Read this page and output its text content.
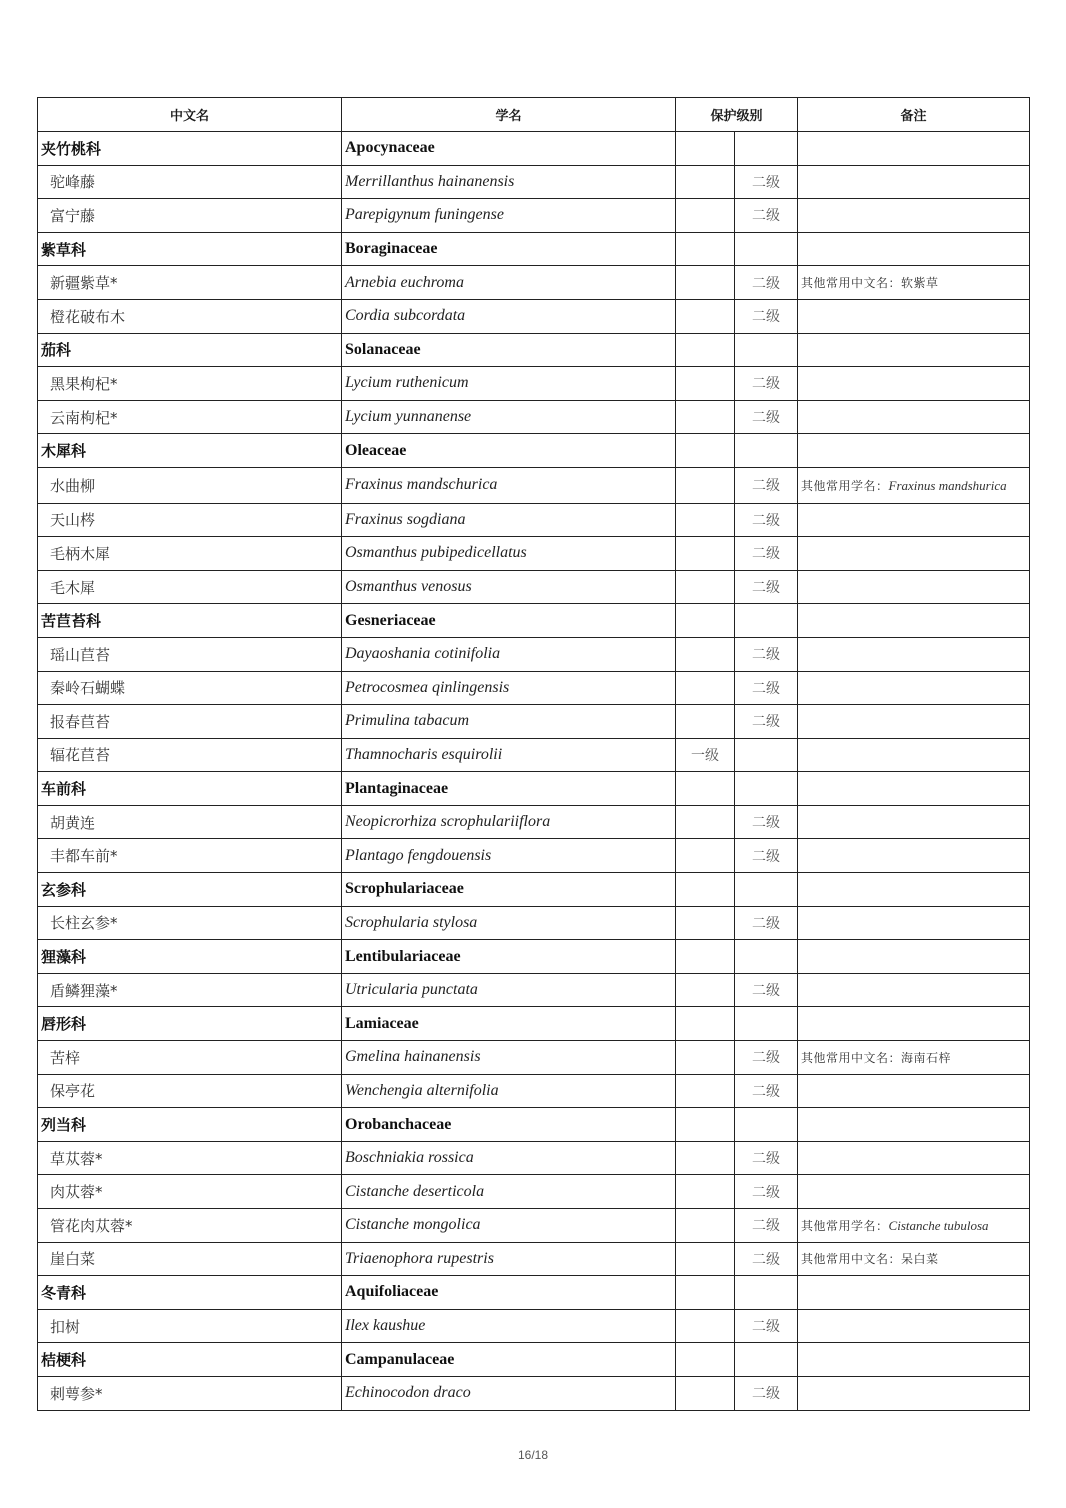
中文名	学名	保护级别		备注
夹竹桃科	Apocynaceae			
驼峰藤	Merrillanthus hainanensis		二级	
富宁藤	Parepigynum funingense		二级	
紫草科	Boraginaceae			
新疆紫草*	Arnebia euchroma		二级	其他常用中文名：软紫草
橙花破布木	Cordia subcordata		二级	
茄科	Solanaceae			
黑果枸杞*	Lycium ruthenicum		二级	
云南枸杞*	Lycium yunnanense		二级	
木犀科	Oleaceae			
水曲柳	Fraxinus mandschurica		二级	其他常用学名：Fraxinus mandshurica
天山梣	Fraxinus sogdiana		二级	
毛柄木犀	Osmanthus pubipedicellatus		二级	
毛木犀	Osmanthus venosus		二级	
苦苣苔科	Gesneriaceae			
瑶山苣苔	Dayaoshania cotinifolia		二级	
秦岭石蝴蝶	Petrocosmea qinlingensis		二级	
报春苣苔	Primulina tabacum		二级	
辐花苣苔	Thamnocharis esquirolii	一级		
车前科	Plantaginaceae			
胡黄连	Neopicrorhiza scrophulariiflora		二级	
丰都车前*	Plantago fengdouensis		二级	
玄参科	Scrophulariaceae			
长柱玄参*	Scrophularia stylosa		二级	
狸藻科	Lentibulariaceae			
盾鳞狸藻*	Utricularia punctata		二级	
唇形科	Lamiaceae			
苦梓	Gmelina hainanensis		二级	其他常用中文名：海南石梓
保亭花	Wenchengia alternifolia		二级	
列当科	Orobanchaceae			
草苁蓉*	Boschniakia rossica		二级	
肉苁蓉*	Cistanche deserticola		二级	
管花肉苁蓉*	Cistanche mongolica		二级	其他常用学名：Cistanche tubulosa
崖白菜	Triaenophora rupestris		二级	其他常用中文名：呆白菜
冬青科	Aquifoliaceae			
扣树	Ilex kaushue		二级	
桔梗科	Campanulaceae			
刺萼参*	Echinocodon draco		二级	
16/18
